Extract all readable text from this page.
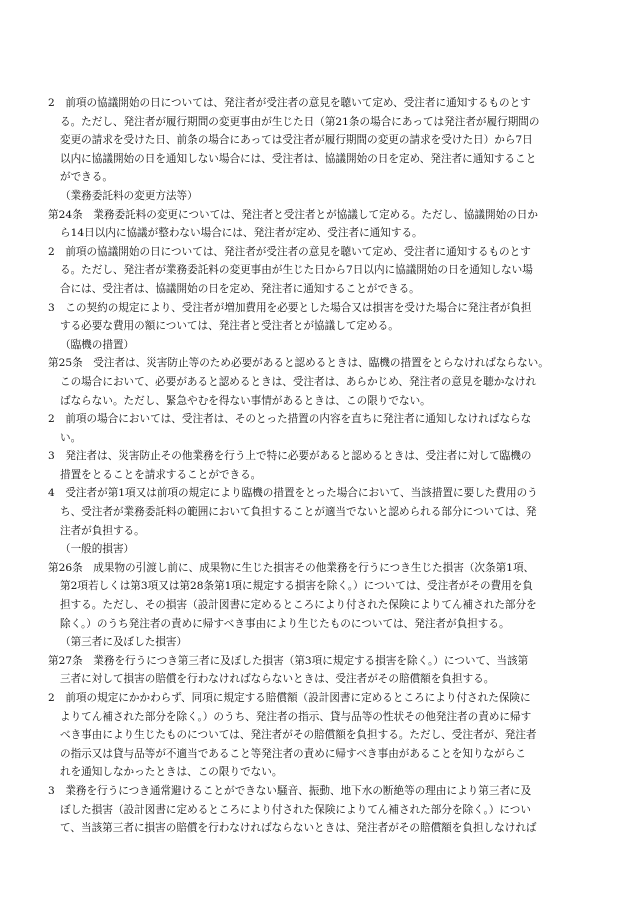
2　前項の協議開始の日については、発注者が受注者の意見を聴いて定め、受注者に通知するものとす
る。ただし、発注者が履行期間の変更事由が生じた日（第21条の場合にあっては発注者が履行期間の
変更の請求を受けた日、前条の場合にあっては受注者が履行期間の変更の請求を受けた日）から7日
以内に協議開始の日を通知しない場合には、受注者は、協議開始の日を定め、発注者に通知すること
ができる。
（業務委託料の変更方法等）
第24条　業務委託料の変更については、発注者と受注者とが協議して定める。ただし、協議開始の日か
ら14日以内に協議が整わない場合には、発注者が定め、受注者に通知する。
2　前項の協議開始の日については、発注者が受注者の意見を聴いて定め、受注者に通知するものとす
る。ただし、発注者が業務委託料の変更事由が生じた日から7日以内に協議開始の日を通知しない場
合には、受注者は、協議開始の日を定め、発注者に通知することができる。
3　この契約の規定により、受注者が増加費用を必要とした場合又は損害を受けた場合に発注者が負担
する必要な費用の額については、発注者と受注者とが協議して定める。
（臨機の措置）
第25条　受注者は、災害防止等のため必要があると認めるときは、臨機の措置をとらなければならない。
この場合において、必要があると認めるときは、受注者は、あらかじめ、発注者の意見を聴かなけれ
ばならない。ただし、緊急やむを得ない事情があるときは、この限りでない。
2　前項の場合においては、受注者は、そのとった措置の内容を直ちに発注者に通知しなければならな
い。
3　発注者は、災害防止その他業務を行う上で特に必要があると認めるときは、受注者に対して臨機の
措置をとることを請求することができる。
4　受注者が第1項又は前項の規定により臨機の措置をとった場合において、当該措置に要した費用のう
ち、受注者が業務委託料の範囲において負担することが適当でないと認められる部分については、発
注者が負担する。
（一般的損害）
第26条　成果物の引渡し前に、成果物に生じた損害その他業務を行うにつき生じた損害（次条第1項、
第2項若しくは第3項又は第28条第1項に規定する損害を除く。）については、受注者がその費用を負
担する。ただし、その損害（設計図書に定めるところにより付された保険によりてん補された部分を
除く。）のうち発注者の責めに帰すべき事由により生じたものについては、発注者が負担する。
（第三者に及ぼした損害）
第27条　業務を行うにつき第三者に及ぼした損害（第3項に規定する損害を除く。）について、当該第
三者に対して損害の賠償を行わなければならないときは、受注者がその賠償額を負担する。
2　前項の規定にかかわらず、同項に規定する賠償額（設計図書に定めるところにより付された保険に
よりてん補された部分を除く。）のうち、発注者の指示、貸与品等の性状その他発注者の責めに帰す
べき事由により生じたものについては、発注者がその賠償額を負担する。ただし、受注者が、発注者
の指示又は貸与品等が不適当であること等発注者の責めに帰すべき事由があることを知りながらこ
れを通知しなかったときは、この限りでない。
3　業務を行うにつき通常避けることができない騒音、振動、地下水の断絶等の理由により第三者に及
ぼした損害（設計図書に定めるところにより付された保険によりてん補された部分を除く。）につい
て、当該第三者に損害の賠償を行わなければならないときは、発注者がその賠償額を負担しなければ
